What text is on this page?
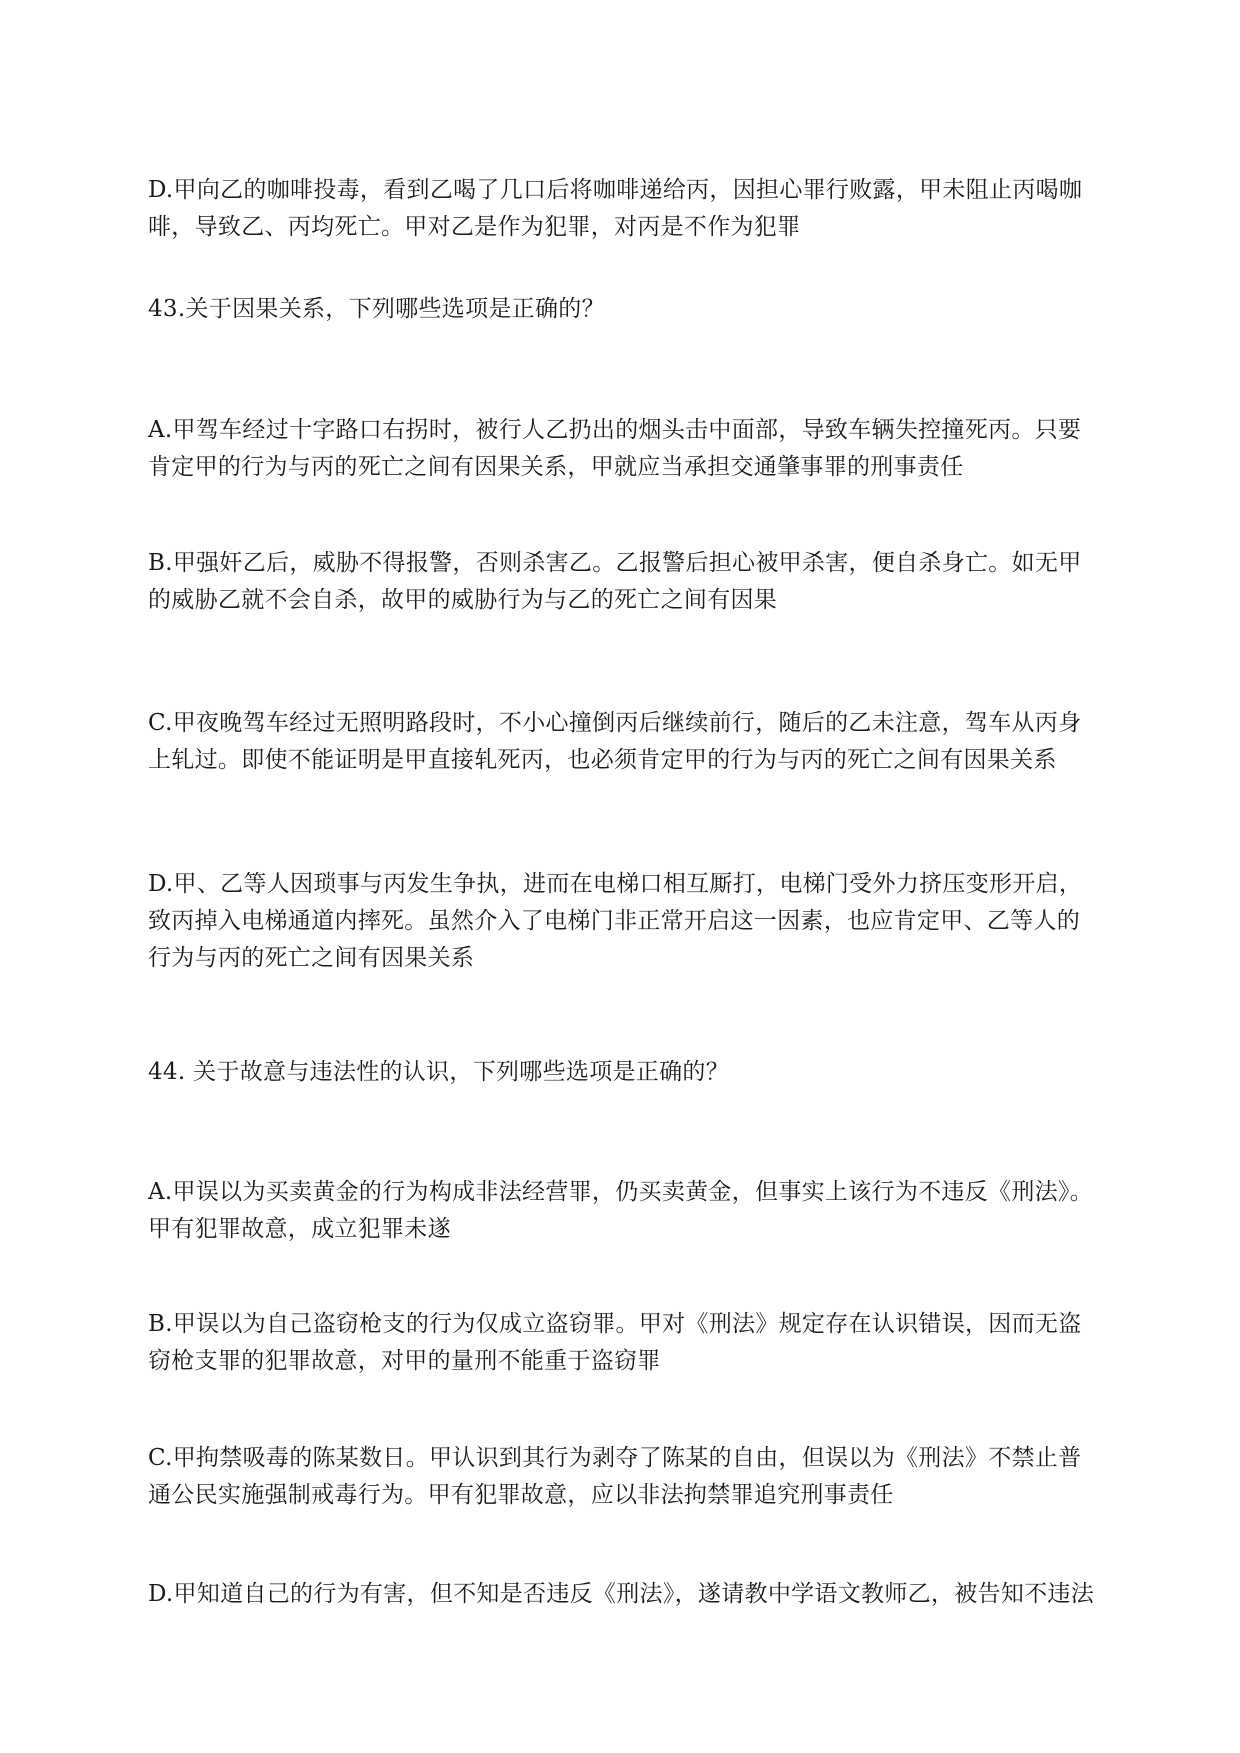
D.甲向乙的咖啡投毒，看到乙喝了几口后将咖啡递给丙，因担心罪行败露，甲未阻止丙喝咖
啡，导致乙、丙均死亡。甲对乙是作为犯罪，对丙是不作为犯罪
43.关于因果关系，下列哪些选项是正确的？
A.甲驾车经过十字路口右拐时，被行人乙扔出的烟头击中面部，导致车辆失控撞死丙。只要
肯定甲的行为与丙的死亡之间有因果关系，甲就应当承担交通肇事罪的刑事责任
B.甲强奸乙后，威胁不得报警，否则杀害乙。乙报警后担心被甲杀害，便自杀身亡。如无甲
的威胁乙就不会自杀，故甲的威胁行为与乙的死亡之间有因果
C.甲夜晚驾车经过无照明路段时，不小心撞倒丙后继续前行，随后的乙未注意，驾车从丙身
上轧过。即使不能证明是甲直接轧死丙，也必须肯定甲的行为与丙的死亡之间有因果关系
D.甲、乙等人因琐事与丙发生争执，进而在电梯口相互厮打，电梯门受外力挤压变形开启，
致丙掉入电梯通道内摔死。虽然介入了电梯门非正常开启这一因素，也应肯定甲、乙等人的
行为与丙的死亡之间有因果关系
44. 关于故意与违法性的认识，下列哪些选项是正确的？
A.甲误以为买卖黄金的行为构成非法经营罪，仍买卖黄金，但事实上该行为不违反《刑法》。
甲有犯罪故意，成立犯罪未遂
B.甲误以为自己盗窃枪支的行为仅成立盗窃罪。甲对《刑法》规定存在认识错误，因而无盗
窃枪支罪的犯罪故意，对甲的量刑不能重于盗窃罪
C.甲拘禁吸毒的陈某数日。甲认识到其行为剥夺了陈某的自由，但误以为《刑法》不禁止普
通公民实施强制戒毒行为。甲有犯罪故意，应以非法拘禁罪追究刑事责任
D.甲知道自己的行为有害，但不知是否违反《刑法》，遂请教中学语文教师乙，被告知不违法
